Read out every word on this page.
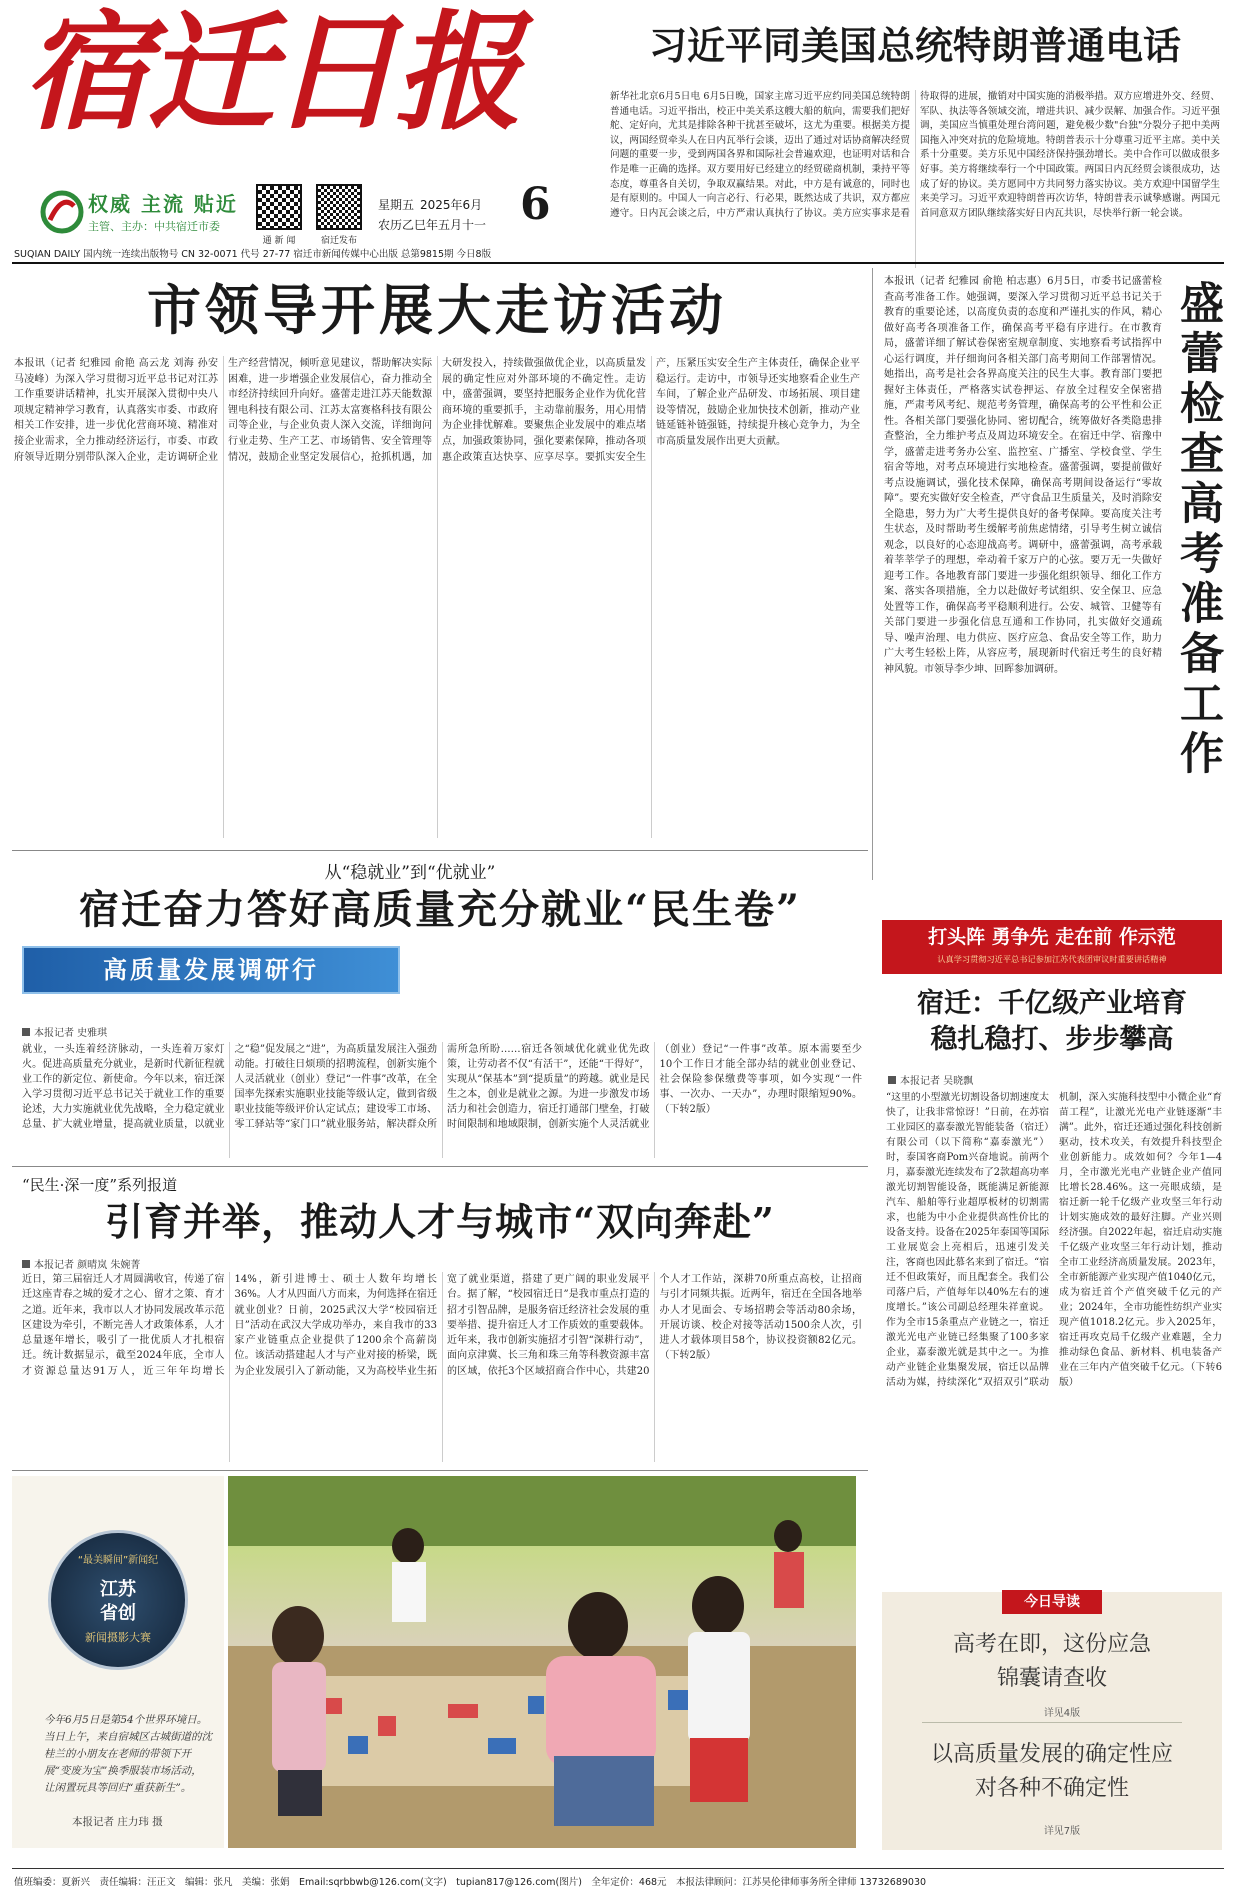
宿迁日报
权威 主流 贴近
主管、主办：中共宿迁市委
通 新 闻	宿迁发布
星期五 2025年6月
农历乙巳年五月十一 6
SUQIAN DAILY 国内统一连续出版物号 CN 32-0071 代号 27-77 宿迁市新闻传媒中心出版 总第9815期 今日8版
习近平同美国总统特朗普通电话
新华社北京6月5日电 6月5日晚，国家主席习近平应约同美国总统特朗普通电话。习近平指出，校正中美关系这艘大船的航向，需要我们把好舵、定好向，尤其是排除各种干扰甚至破坏，这尤为重要。根据美方提议，两国经贸牵头人在日内瓦举行会谈，迈出了通过对话协商解决经贸问题的重要一步，受到两国各界和国际社会普遍欢迎，也证明对话和合作是唯一正确的选择。双方要用好已经建立的经贸磋商机制，秉持平等态度，尊重各自关切，争取双赢结果。对此，中方是有诚意的，同时也是有原则的。中国人一向言必行、行必果，既然达成了共识，双方都应遵守。日内瓦会谈之后，中方严肃认真执行了协议。美方应实事求是看待取得的进展，撤销对中国实施的消极举措。双方应增进外交、经贸、军队、执法等各领域交流，增进共识、减少误解、加强合作。习近平强调，美国应当慎重处理台湾问题，避免极少数"台独"分裂分子把中美两国拖入冲突对抗的危险境地。特朗普表示十分尊重习近平主席。美中关系十分重要。美方乐见中国经济保持强劲增长。美中合作可以做成很多好事。美方将继续奉行一个中国政策。两国日内瓦经贸会谈很成功，达成了好的协议。美方愿同中方共同努力落实协议。美方欢迎中国留学生来美学习。习近平欢迎特朗普再次访华，特朗普表示诚挚感谢。两国元首同意双方团队继续落实好日内瓦共识，尽快举行新一轮会谈。
市领导开展大走访活动
本报讯（记者 纪雅园 俞艳 高云龙 刘海 孙安 马凌峰）为深入学习贯彻习近平总书记对江苏工作重要讲话精神，扎实开展深入贯彻中央八项规定精神学习教育，认真落实市委、市政府相关工作安排，进一步优化营商环境、精准对接企业需求，全力推动经济运行，市委、市政府领导近期分别带队深入企业，走访调研企业生产经营情况，倾听意见建议，帮助解决实际困难，进一步增强企业发展信心，奋力推动全市经济持续回升向好。盛蕾走进江苏天能数源锂电科技有限公司、江苏太富赛格科技有限公司等企业，与企业负责人深入交流，详细询问行业走势、生产工艺、市场销售、安全管理等情况，鼓励企业坚定发展信心，抢抓机遇，加大研发投入，持续做强做优企业，以高质量发展的确定性应对外部环境的不确定性。走访中，盛蕾强调，要坚持把服务企业作为优化营商环境的重要抓手，主动靠前服务，用心用情为企业排忧解难。要聚焦企业发展中的难点堵点，加强政策协同，强化要素保障，推动各项惠企政策直达快享、应享尽享。要抓实安全生产，压紧压实安全生产主体责任，确保企业平稳运行。走访中，市领导还实地察看企业生产车间，了解企业产品研发、市场拓展、项目建设等情况，鼓励企业加快技术创新，推动产业链延链补链强链，持续提升核心竞争力，为全市高质量发展作出更大贡献。
本报讯（记者 纪雅园 俞艳 柏志惠）6月5日，市委书记盛蕾检查高考准备工作。她强调，要深入学习贯彻习近平总书记关于教育的重要论述，以高度负责的态度和严谨扎实的作风，精心做好高考各项准备工作，确保高考平稳有序进行。在市教育局，盛蕾详细了解试卷保密室规章制度、实地察看考试指挥中心运行调度，并仔细询问各相关部门高考期间工作部署情况。她指出，高考是社会各界高度关注的民生大事。教育部门要把握好主体责任，严格落实试卷押运、存放全过程安全保密措施，严肃考风考纪、规范考务管理，确保高考的公平性和公正性。各相关部门要强化协同、密切配合，统筹做好各类隐患排查整治，全力维护考点及周边环境安全。在宿迁中学、宿豫中学，盛蕾走进考务办公室、监控室、广播室、学校食堂、学生宿舍等地，对考点环境进行实地检查。盛蕾强调，要提前做好考点设施调试，强化技术保障，确保高考期间设备运行“零故障”。要充实做好安全检查，严守食品卫生质量关，及时消除安全隐患，努力为广大考生提供良好的备考保障。要高度关注考生状态，及时帮助考生缓解考前焦虑情绪，引导考生树立诚信观念，以良好的心态迎战高考。调研中，盛蕾强调，高考承载着莘莘学子的理想，牵动着千家万户的心弦。要万无一失做好迎考工作。各地教育部门要进一步强化组织领导、细化工作方案、落实各项措施，全力以赴做好考试组织、安全保卫、应急处置等工作，确保高考平稳顺利进行。公安、城管、卫健等有关部门要进一步强化信息互通和工作协同，扎实做好交通疏导、噪声治理、电力供应、医疗应急、食品安全等工作，助力广大考生轻松上阵，从容应考，展现新时代宿迁考生的良好精神风貌。市领导李少坤、回晖参加调研。	盛蕾检查高考准备工作
从“稳就业”到“优就业”
宿迁奋力答好高质量充分就业“民生卷”
高质量发展调研行
本报记者 史雅琪
就业，一头连着经济脉动，一头连着万家灯火。促进高质量充分就业，是新时代新征程就业工作的新定位、新使命。今年以来，宿迁深入学习贯彻习近平总书记关于就业工作的重要论述，大力实施就业优先战略，全力稳定就业总量、扩大就业增量，提高就业质量，以就业之“稳”促发展之“进”，为高质量发展注入强劲动能。打破往日烦琐的招聘流程，创新实施个人灵活就业（创业）登记“一件事”改革，在全国率先探索实施职业技能等级认定，做到省级职业技能等级评价认定试点；建设零工市场、零工驿站等“家门口”就业服务站，解决群众所需所急所盼……宿迁各领域优化就业优先政策，让劳动者不仅“有活干”，还能“干得好”，实现从“保基本”到“提质量”的跨越。就业是民生之本，创业是就业之源。为进一步激发市场活力和社会创造力，宿迁打通部门壁垒，打破时间限制和地域限制，创新实施个人灵活就业（创业）登记“一件事”改革。原本需要至少10个工作日才能全部办结的就业创业登记、社会保险参保缴费等事项，如今实现“一件事、一次办、一天办”，办理时限缩短90%。（下转2版）
“民生·深一度”系列报道
引育并举，推动人才与城市“双向奔赴”
本报记者 颜晴岚 朱婉菁
近日，第三届宿迁人才周圆满收官，传递了宿迁这座青春之城的爱才之心、留才之策、育才之道。近年来，我市以人才协同发展改革示范区建设为牵引，不断完善人才政策体系，人才总量逐年增长，吸引了一批优质人才扎根宿迁。统计数据显示，截至2024年底，全市人才资源总量达91万人，近三年年均增长14%，新引进博士、硕士人数年均增长36%。人才从四面八方而来，为何选择在宿迁就业创业？日前，2025武汉大学“校园宿迁日”活动在武汉大学成功举办，来自我市的33家产业链重点企业提供了1200余个高薪岗位。该活动搭建起人才与产业对接的桥梁，既为企业发展引入了新动能，又为高校毕业生拓宽了就业渠道，搭建了更广阔的职业发展平台。据了解，“校园宿迁日”是我市重点打造的招才引智品牌，是服务宿迁经济社会发展的重要举措、提升宿迁人才工作质效的重要载体。近年来，我市创新实施招才引智“深耕行动”，面向京津冀、长三角和珠三角等科教资源丰富的区域，依托3个区域招商合作中心，共建20个人才工作站，深耕70所重点高校，让招商与引才同频共振。近两年，宿迁在全国各地举办人才见面会、专场招聘会等活动80余场，开展访谈、校企对接等活动1500余人次，引进人才载体项目58个，协议投资额82亿元。（下转2版）
“最美瞬间”新闻纪
江苏
省创
新闻摄影大赛
今年6月5日是第54个世界环境日。当日上午，来自宿城区古城街道的沈桂兰的小朋友在老师的带领下开展“变废为宝”换季服装市场活动，让闲置玩具等回归“重获新生”。
本报记者 庄力玮 摄
打头阵 勇争先 走在前 作示范
认真学习贯彻习近平总书记参加江苏代表团审议时重要讲话精神
宿迁：千亿级产业培育
稳扎稳打、步步攀高
本报记者 吴晓飘
“这里的小型激光切割设备切割速度太快了，让我非常惊讶！”日前，在苏宿工业园区的嘉泰激光智能装备（宿迁）有限公司（以下简称“嘉泰激光”）时，泰国客商Pom兴奋地说。前两个月，嘉泰激光连续发布了2款超高功率激光切割智能设备，既能满足新能源汽车、船舶等行业超厚板材的切割需求，也能为中小企业提供高性价比的设备支持。设备在2025年泰国等国际工业展览会上亮相后，迅速引发关注，客商也因此慕名来到了宿迁。“宿迁不但政策好，而且配套全。我们公司落户后，产值每年以40%左右的速度增长。”该公司副总经理朱祥童说。作为全市15条重点产业链之一，宿迁激光光电产业链已经集聚了100多家企业，嘉泰激光就是其中之一。为推动产业链企业集聚发展，宿迁以品牌活动为媒，持续深化“双招双引”联动机制，深入实施科技型中小微企业“育苗工程”，让激光光电产业链逐渐“丰满”。此外，宿迁还通过强化科技创新驱动，技术攻关，有效提升科技型企业创新能力。成效如何？今年1—4月，全市激光光电产业链企业产值同比增长28.46%。这一亮眼成绩，是宿迁新一轮千亿级产业攻坚三年行动计划实施成效的最好注脚。产业兴则经济强。自2022年起，宿迁启动实施千亿级产业攻坚三年行动计划，推动全市工业经济高质量发展。2023年，全市新能源产业实现产值1040亿元，成为宿迁首个产值突破千亿元的产业；2024年，全市功能性纺织产业实现产值1018.2亿元。步入2025年，宿迁再攻克局千亿级产业难题，全力推动绿色食品、新材料、机电装备产业在三年内产值突破千亿元。（下转6版）
今日导读
高考在即，这份应急锦囊请查收
详见4版
以高质量发展的确定性应对各种不确定性
详见7版
值班编委：夏新兴　责任编辑：汪正文　编辑：张凡　美编：张娟　Email:sqrbbwb@126.com(文字)　tupian817@126.com(图片)　全年定价：468元　本报法律顾问：江苏昊伦律师事务所全律师 13732689030
